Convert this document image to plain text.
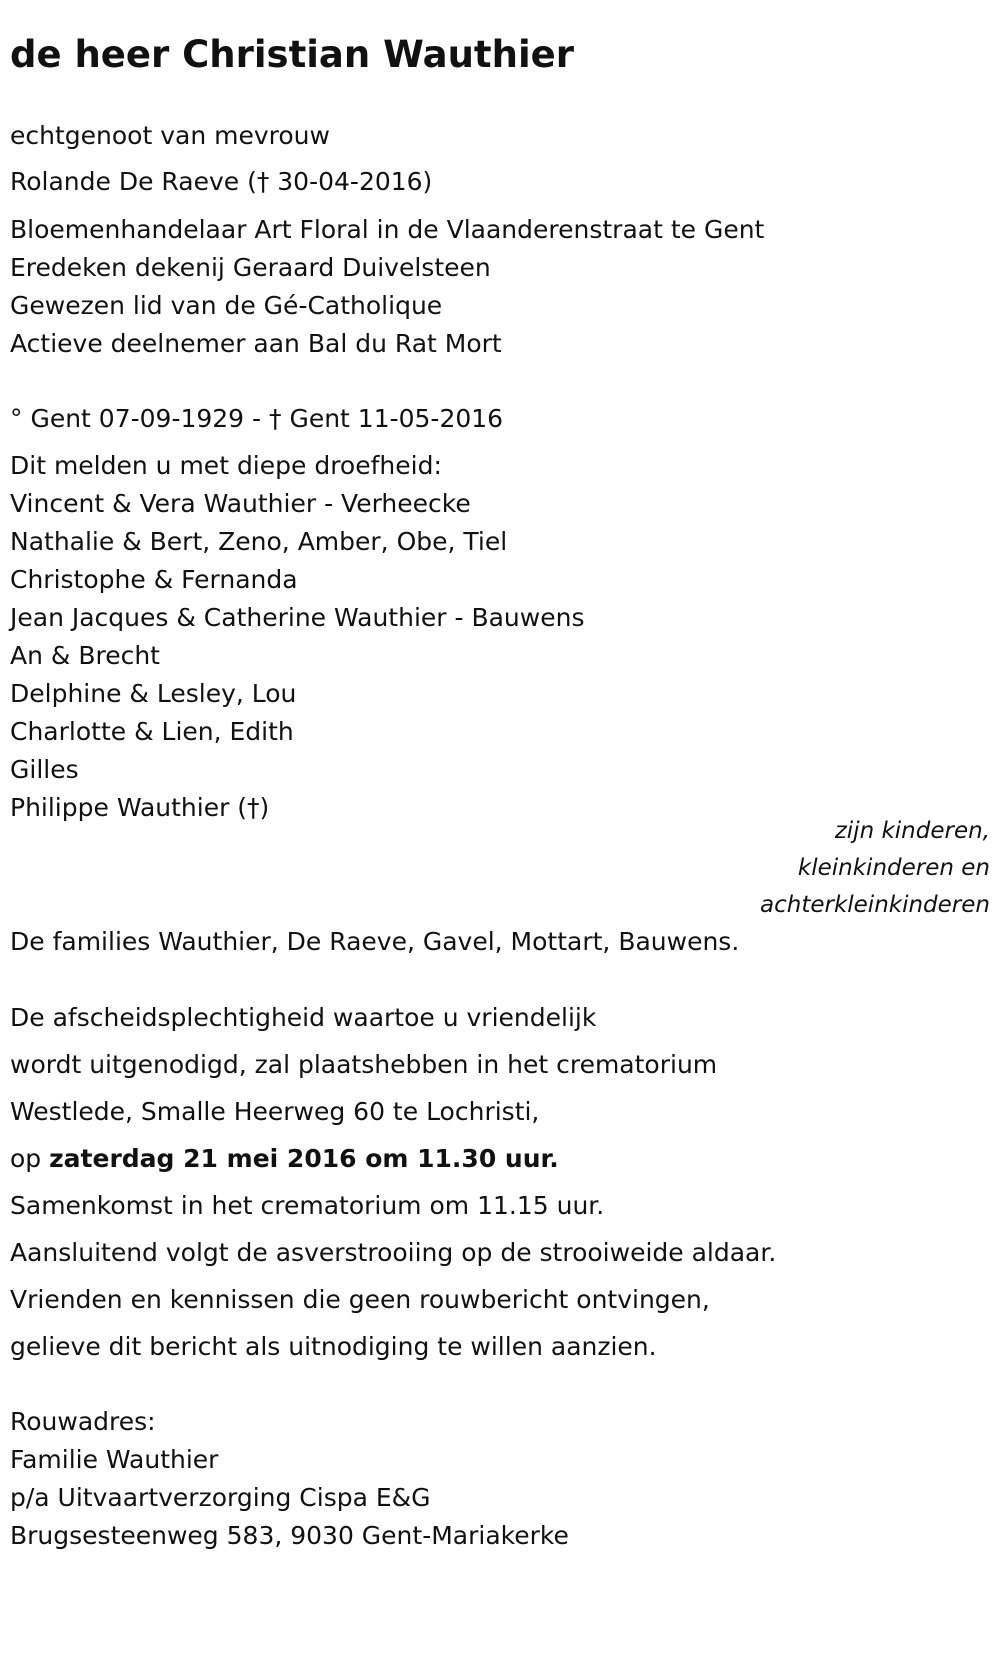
de heer Christian Wauthier

echtgenoot van mevrouw

Rolande De Raeve († 30-04-2016)

Bloemenhandelaar Art Floral in de Vlaanderenstraat te Gent

Eredeken dekenij Geraard Duivelsteen

Gewezen lid van de Gé-Catholique

Actieve deelnemer aan Bal du Rat Mort

° Gent 07-09-1929 - † Gent 11-05-2016

Dit melden u met diepe droefheid:

Vincent & Vera Wauthier - Verheecke

Nathalie & Bert, Zeno, Amber, Obe, Tiel

Christophe & Fernanda

Jean Jacques & Catherine Wauthier - Bauwens

An & Brecht

Delphine & Lesley, Lou

Charlotte & Lien, Edith

Gilles

Philippe Wauthier (†)

zijn kinderen,

kleinkinderen en

achterkleinkinderen

De families Wauthier, De Raeve, Gavel, Mottart, Bauwens.

De afscheidsplechtigheid waartoe u vriendelijk

wordt uitgenodigd, zal plaatshebben in het crematorium

Westlede, Smalle Heerweg 60 te Lochristi,

op zaterdag 21 mei 2016 om 11.30 uur.

Samenkomst in het crematorium om 11.15 uur.

Aansluitend volgt de asverstrooiing op de strooiweide aldaar.

Vrienden en kennissen die geen rouwbericht ontvingen,

gelieve dit bericht als uitnodiging te willen aanzien.

Rouwadres:

Familie Wauthier

p/a Uitvaartverzorging Cispa E&G

Brugsesteenweg 583, 9030 Gent-Mariakerke
